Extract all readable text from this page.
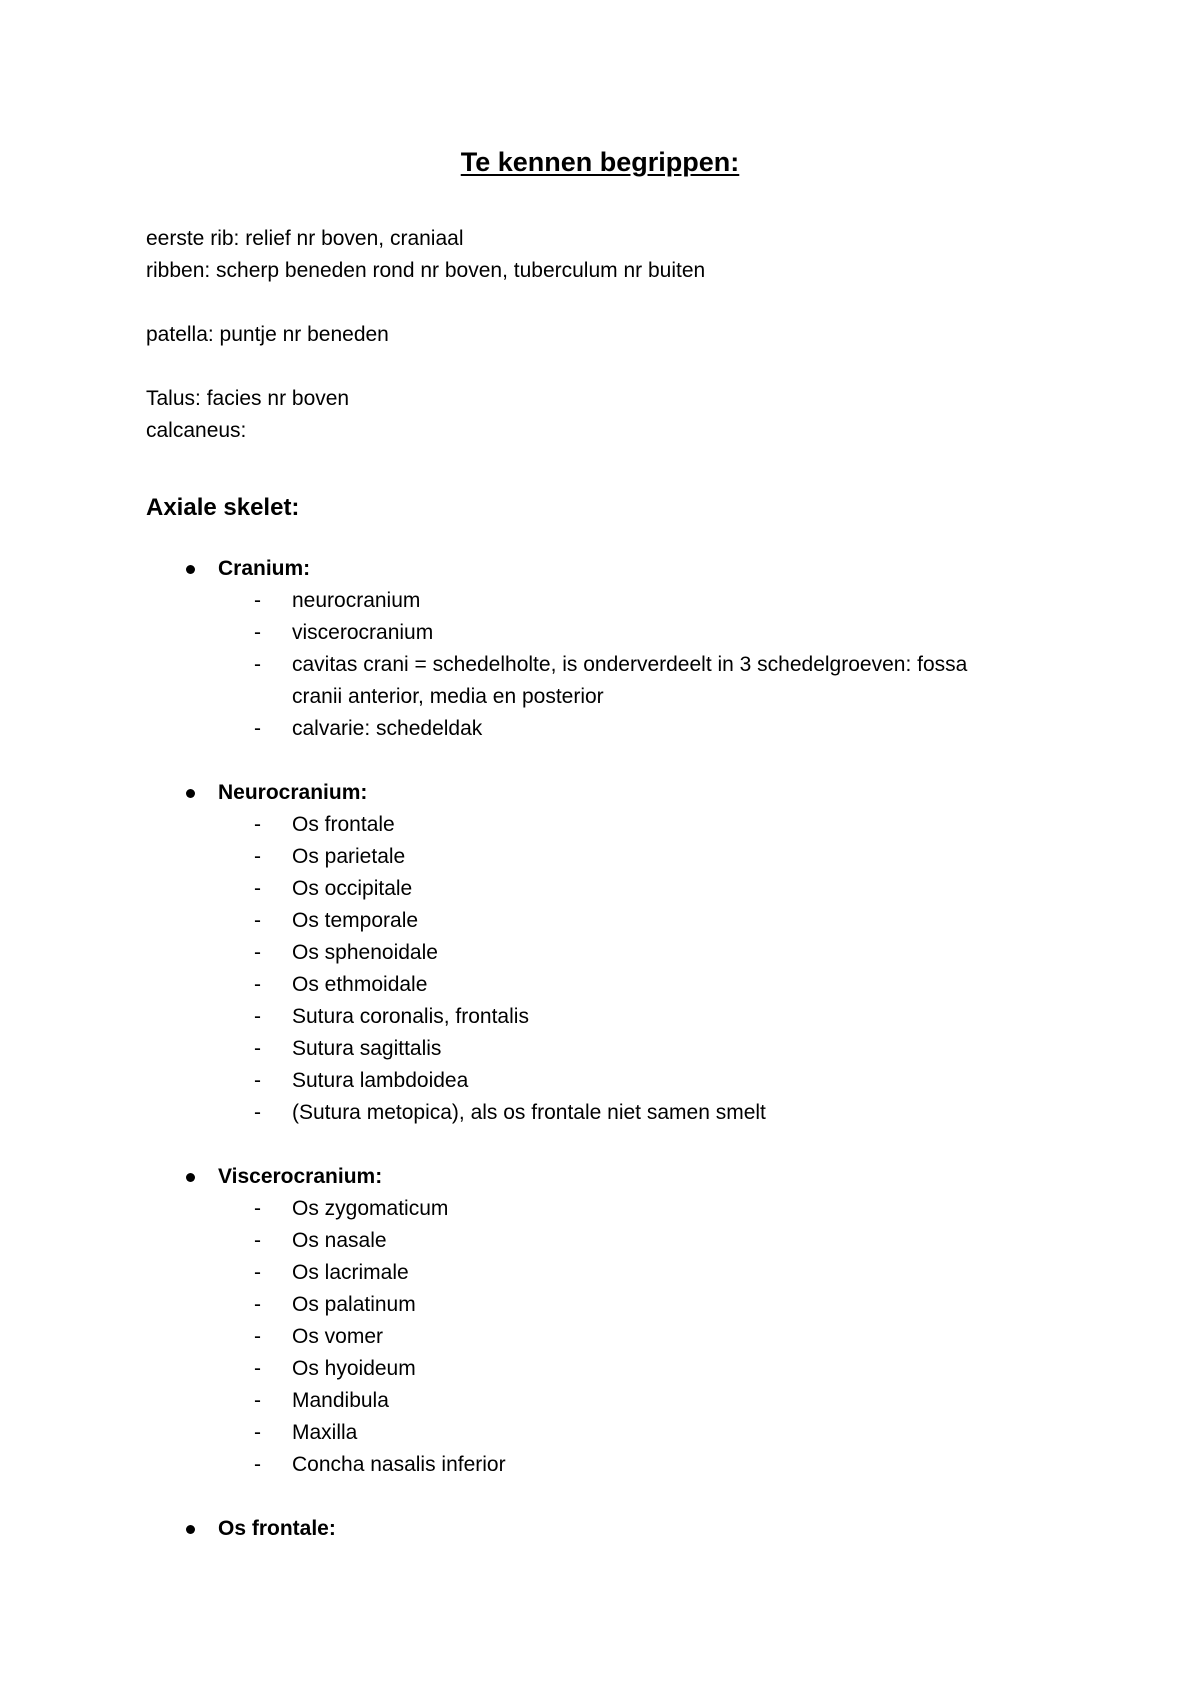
Te kennen begrippen:

eerste rib: relief nr boven, craniaal

ribben: scherp beneden rond nr boven, tuberculum nr buiten

patella: puntje nr beneden

Talus: facies nr boven

calcaneus:

Axiale skelet:
Cranium:
- neurocranium
- viscerocranium
- cavitas crani = schedelholte, is onderverdeelt in 3 schedelgroeven: fossa cranii anterior, media en posterior
- calvarie: schedeldak
Neurocranium:
- Os frontale
- Os parietale
- Os occipitale
- Os temporale
- Os sphenoidale
- Os ethmoidale
- Sutura coronalis, frontalis
- Sutura sagittalis
- Sutura lambdoidea
- (Sutura metopica), als os frontale niet samen smelt
Viscerocranium:
- Os zygomaticum
- Os nasale
- Os lacrimale
- Os palatinum
- Os vomer
- Os hyoideum
- Mandibula
- Maxilla
- Concha nasalis inferior
Os frontale:
